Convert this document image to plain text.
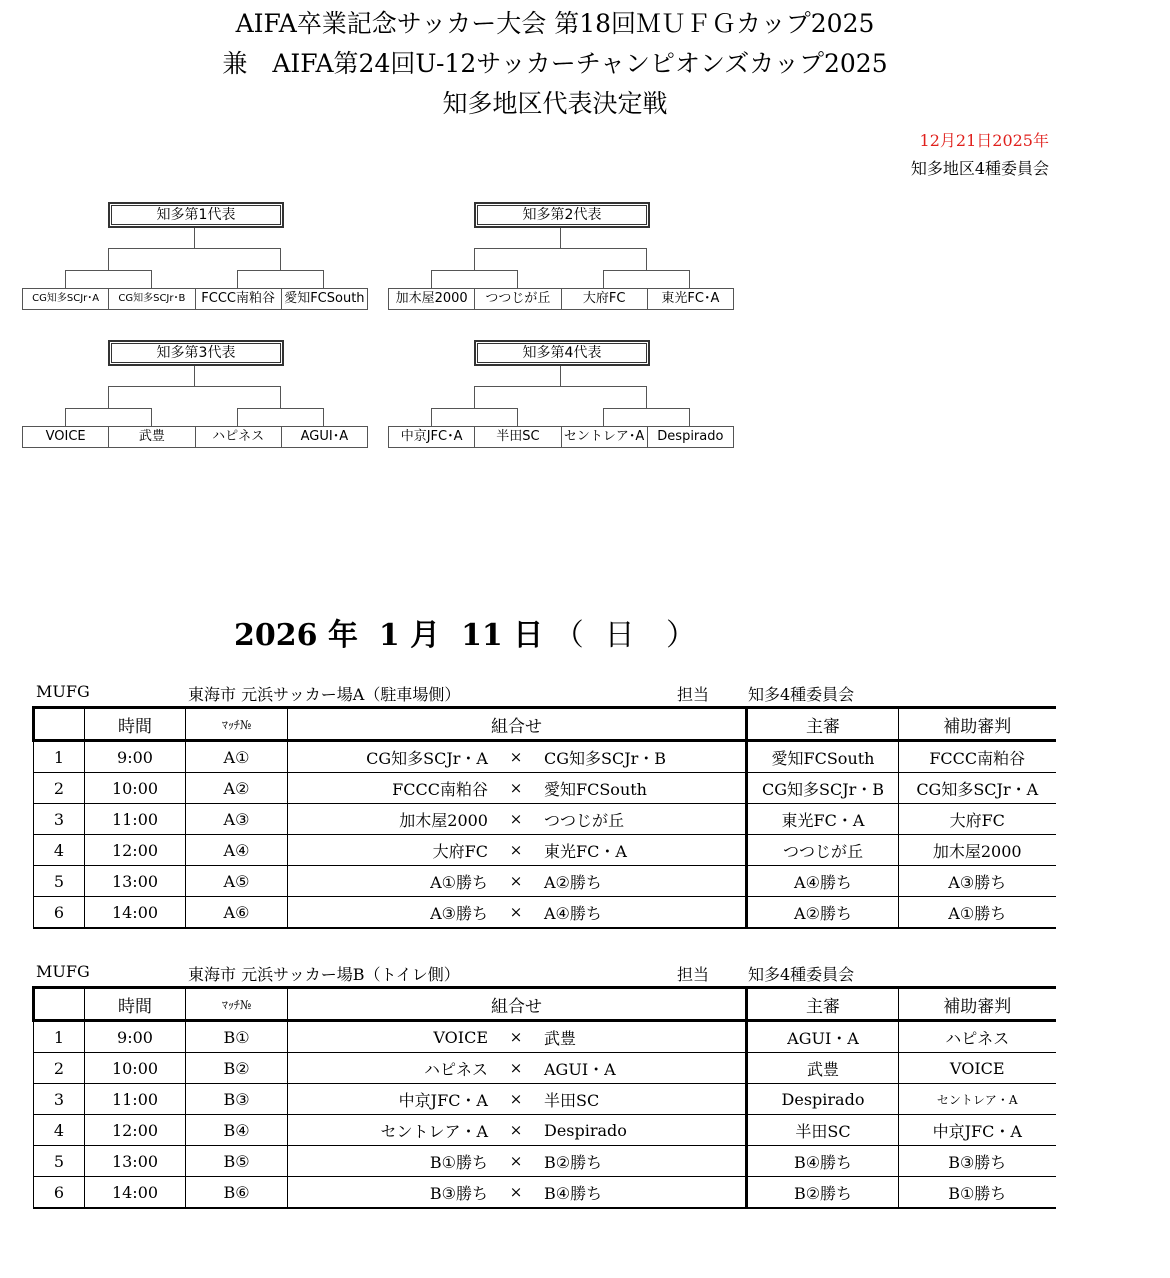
AIFA卒業記念サッカー大会 第18回ＭＵＦＧカップ2025
兼　AIFA第24回U-12サッカーチャンピオンズカップ2025
知多地区代表決定戦
12月21日2025年
知多地区4種委員会
知多第1代表
CG知多SCJr･A	CG知多SCJr･B	FCCC南粕谷 愛知FCSouth
知多第2代表
加木屋2000	つつじが丘	大府FC	東光FC･A
知多第3代表
VOICE	武豊	ハピネス	AGUI･A
知多第4代表
中京JFC･A	半田SC	セントレア･A Despirado
2026 年 1 月 11 日 （ 日 ）
MUFG	東海市 元浜サッカー場A（駐車場側）	担当 知多4種委員会
	時間	ﾏｯﾁ№	組合せ	主審	補助審判
1	9:00	A①	CG知多SCJr・A × CG知多SCJr・B	愛知FCSouth	FCCC南粕谷
2	10:00	A②	FCCC南粕谷 × 愛知FCSouth	CG知多SCJr・B	CG知多SCJr・A
3	11:00	A③	加木屋2000 × つつじが丘	東光FC・A	大府FC
4	12:00	A④	大府FC × 東光FC・A	つつじが丘	加木屋2000
5	13:00	A⑤	A①勝ち × A②勝ち	A④勝ち	A③勝ち
6	14:00	A⑥	A③勝ち × A④勝ち	A②勝ち	A①勝ち
MUFG	東海市 元浜サッカー場B（トイレ側）	担当 知多4種委員会
	時間	ﾏｯﾁ№	組合せ	主審	補助審判
1	9:00	B①	VOICE × 武豊	AGUI・A	ハピネス
2	10:00	B②	ハピネス × AGUI・A	武豊	VOICE
3	11:00	B③	中京JFC・A × 半田SC	Despirado	セントレア・A
4	12:00	B④	セントレア・A × Despirado	半田SC	中京JFC・A
5	13:00	B⑤	B①勝ち × B②勝ち	B④勝ち	B③勝ち
6	14:00	B⑥	B③勝ち × B④勝ち	B②勝ち	B①勝ち
